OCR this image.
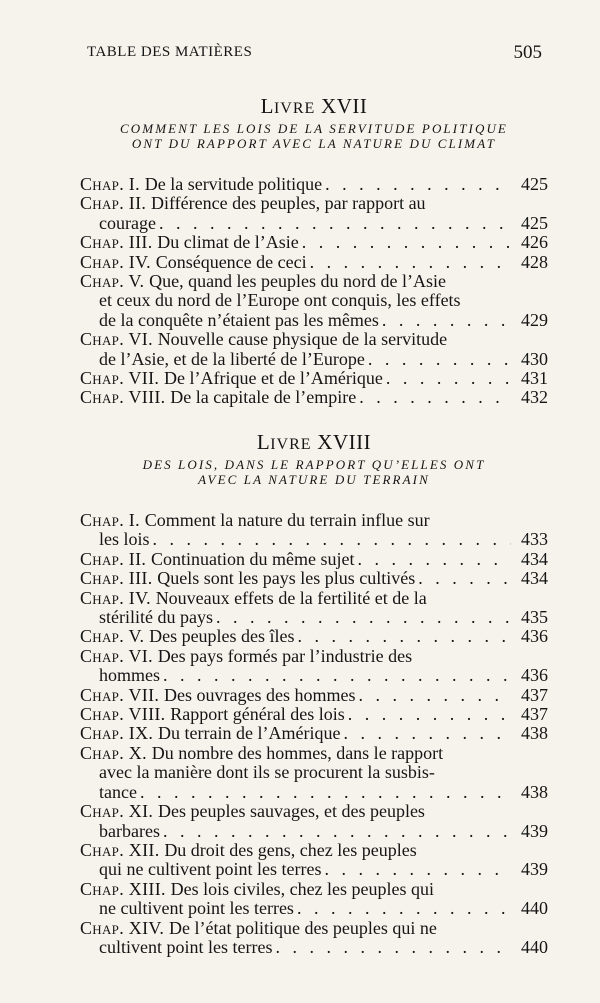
TABLE DES MATIÈRES	505
LIVRE XVII
COMMENT LES LOIS DE LA SERVITUDE POLITIQUE
ONT DU RAPPORT AVEC LA NATURE DU CLIMAT
Chap. I. De la servitude politique . . .	425
Chap. II. Différence des peuples, par rapport au
courage . . .	425
Chap. III. Du climat de l’Asie . . .	426
Chap. IV. Conséquence de ceci . . .	428
Chap. V. Que, quand les peuples du nord de l’Asie
et ceux du nord de l’Europe ont conquis, les effets
de la conquête n’étaient pas les mêmes . . .	429
Chap. VI. Nouvelle cause physique de la servitude
de l’Asie, et de la liberté de l’Europe . . .	430
Chap. VII. De l’Afrique et de l’Amérique . . .	431
Chap. VIII. De la capitale de l’empire . . .	432
LIVRE XVIII
DES LOIS, DANS LE RAPPORT QU’ELLES ONT
AVEC LA NATURE DU TERRAIN
Chap. I. Comment la nature du terrain influe sur
les lois . . .	433
Chap. II. Continuation du même sujet . . .	434
Chap. III. Quels sont les pays les plus cultivés . . .	434
Chap. IV. Nouveaux effets de la fertilité et de la
stérilité du pays . . .	435
Chap. V. Des peuples des îles . . .	436
Chap. VI. Des pays formés par l’industrie des
hommes . . .	436
Chap. VII. Des ouvrages des hommes . . .	437
Chap. VIII. Rapport général des lois . . .	437
Chap. IX. Du terrain de l’Amérique . . .	438
Chap. X. Du nombre des hommes, dans le rapport
avec la manière dont ils se procurent la susbis-
tance . . .	438
Chap. XI. Des peuples sauvages, et des peuples
barbares . . .	439
Chap. XII. Du droit des gens, chez les peuples
qui ne cultivent point les terres . . .	439
Chap. XIII. Des lois civiles, chez les peuples qui
ne cultivent point les terres . . .	440
Chap. XIV. De l’état politique des peuples qui ne
cultivent point les terres . . .	440
